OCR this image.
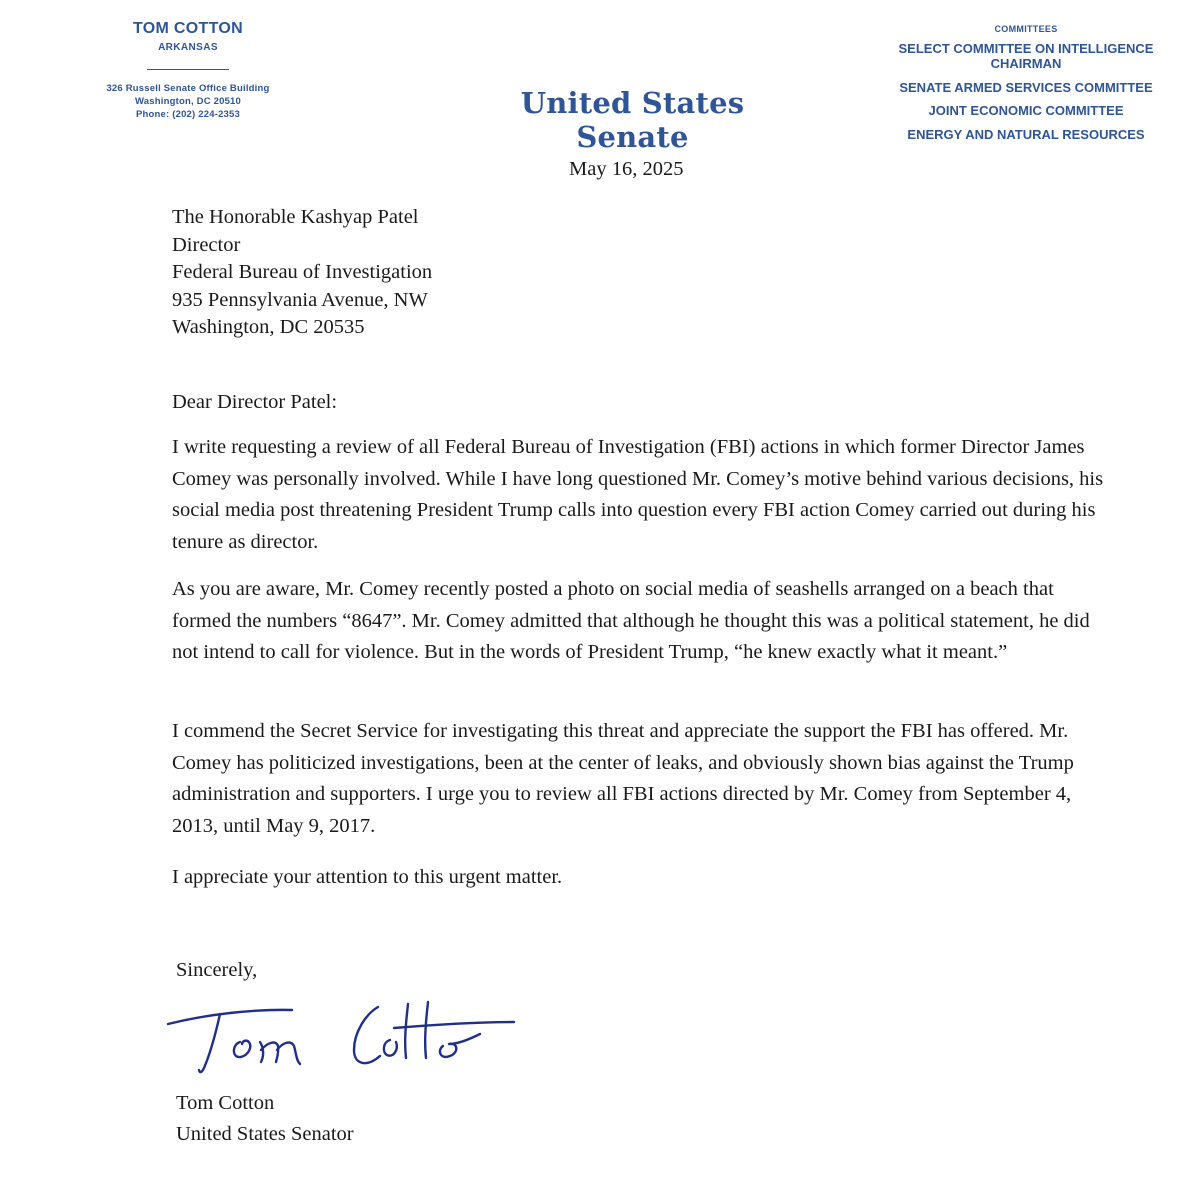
TOM COTTON
ARKANSAS
326 Russell Senate Office Building
Washington, DC 20510
Phone: (202) 224-2353	United States Senate
COMMITTEES
SELECT COMMITTEE ON INTELLIGENCE CHAIRMAN
SENATE ARMED SERVICES COMMITTEE
JOINT ECONOMIC COMMITTEE
ENERGY AND NATURAL RESOURCES
May 16, 2025
The Honorable Kashyap Patel
Director
Federal Bureau of Investigation
935 Pennsylvania Avenue, NW
Washington, DC 20535

Dear Director Patel:

I write requesting a review of all Federal Bureau of Investigation (FBI) actions in which former Director James Comey was personally involved. While I have long questioned Mr. Comey’s motive behind various decisions, his social media post threatening President Trump calls into question every FBI action Comey carried out during his tenure as director.

As you are aware, Mr. Comey recently posted a photo on social media of seashells arranged on a beach that formed the numbers “8647”. Mr. Comey admitted that although he thought this was a political statement, he did not intend to call for violence. But in the words of President Trump, “he knew exactly what it meant.”

I commend the Secret Service for investigating this threat and appreciate the support the FBI has offered. Mr. Comey has politicized investigations, been at the center of leaks, and obviously shown bias against the Trump administration and supporters. I urge you to review all FBI actions directed by Mr. Comey from September 4, 2013, until May 9, 2017.

I appreciate your attention to this urgent matter.

Sincerely,
Tom Cotton
United States Senator
